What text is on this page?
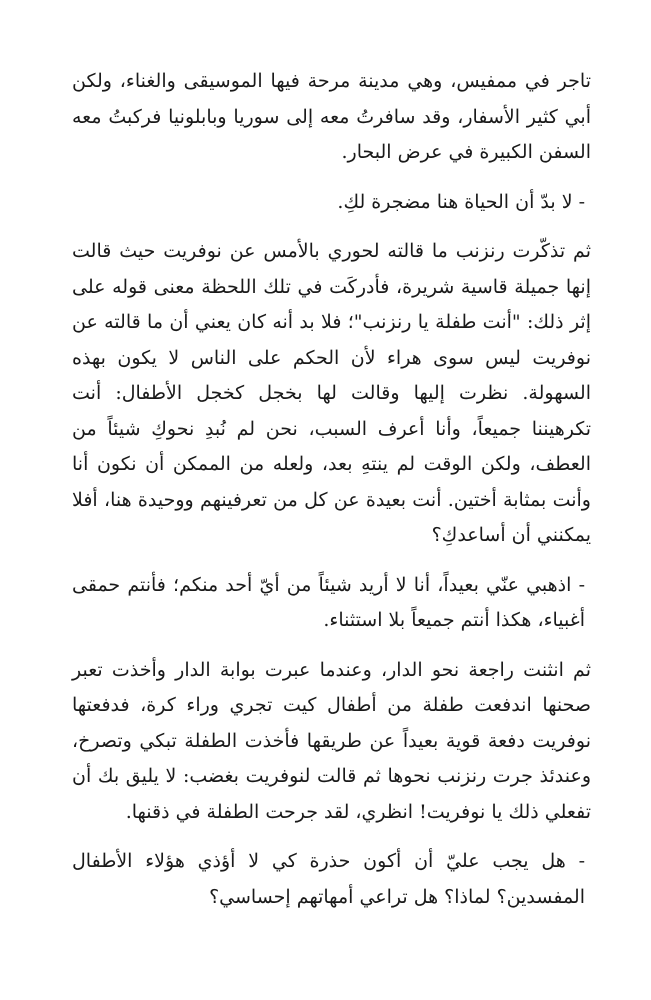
تاجر في ممفيس، وهي مدينة مرحة فيها الموسيقى والغناء، ولكن أبي كثير الأسفار، وقد سافرتُ معه إلى سوريا وبابلونيا فركبتُ معه السفن الكبيرة في عرض البحار.

- لا بدّ أن الحياة هنا مضجرة لكِ.

ثم تذكّرت رنزنب ما قالته لحوري بالأمس عن نوفريت حيث قالت إنها جميلة قاسية شريرة، فأدركَت في تلك اللحظة معنى قوله على إثر ذلك: "أنت طفلة يا رنزنب"؛ فلا بد أنه كان يعني أن ما قالته عن نوفريت ليس سوى هراء لأن الحكم على الناس لا يكون بهذه السهولة. نظرت إليها وقالت لها بخجل كخجل الأطفال: أنت تكرهيننا جميعاً، وأنا أعرف السبب، نحن لم نُبدِ نحوكِ شيئاً من العطف، ولكن الوقت لم ينتهِ بعد، ولعله من الممكن أن نكون أنا وأنت بمثابة أختين. أنت بعيدة عن كل من تعرفينهم ووحيدة هنا، أفلا يمكنني أن أساعدكِ؟

- اذهبي عنّي بعيداً، أنا لا أريد شيئاً من أيّ أحد منكم؛ فأنتم حمقى أغبياء، هكذا أنتم جميعاً بلا استثناء.

ثم انثنت راجعة نحو الدار، وعندما عبرت بوابة الدار وأخذت تعبر صحنها اندفعت طفلة من أطفال كيت تجري وراء كرة، فدفعتها نوفريت دفعة قوية بعيداً عن طريقها فأخذت الطفلة تبكي وتصرخ، وعندئذ جرت رنزنب نحوها ثم قالت لنوفريت بغضب: لا يليق بك أن تفعلي ذلك يا نوفريت! انظري، لقد جرحت الطفلة في ذقنها.

- هل يجب عليّ أن أكون حذرة كي لا أؤذي هؤلاء الأطفال المفسدين؟ لماذا؟ هل تراعي أمهاتهم إحساسي؟
